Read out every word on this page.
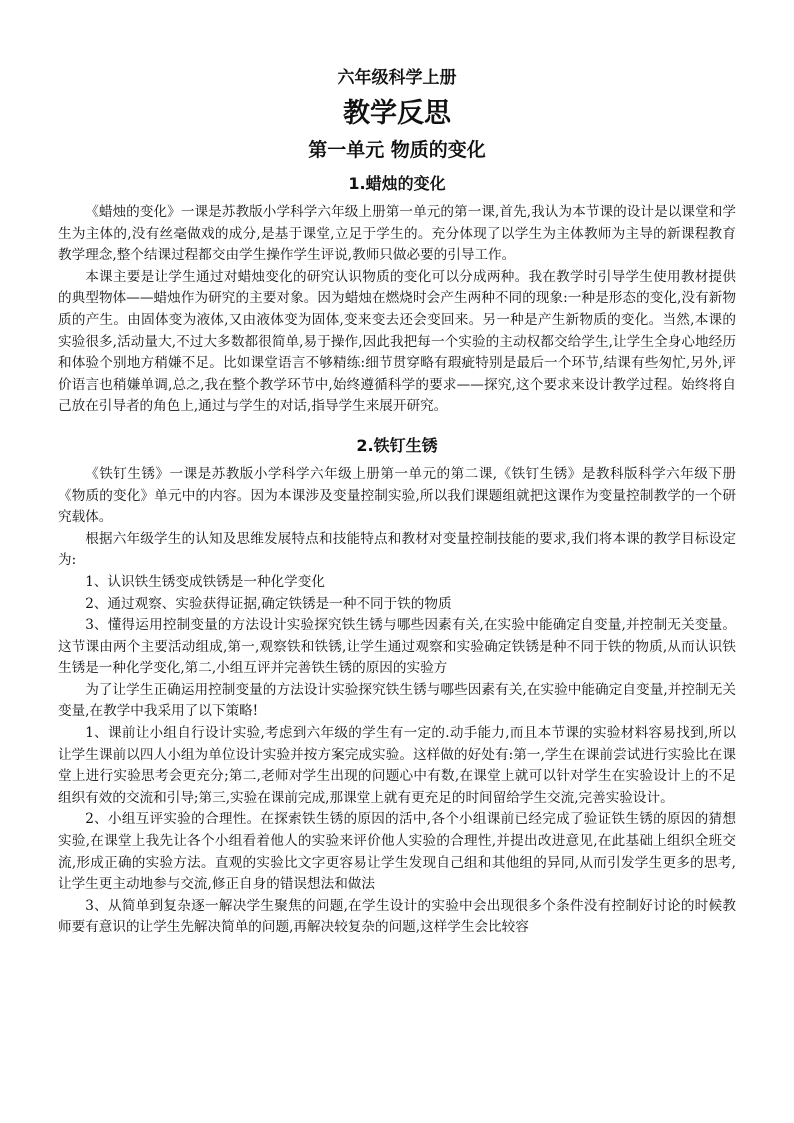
六年级科学上册
教学反思
第一单元 物质的变化
1.蜡烛的变化

《蜡烛的变化》一课是苏教版小学科学六年级上册第一单元的第一课,首先,我认为本节课的设计是以课堂和学生为主体的,没有丝毫做戏的成分,是基于课堂,立足于学生的。充分体现了以学生为主体教师为主导的新课程教育教学理念,整个结课过程都交由学生操作学生评说,教师只做必要的引导工作。

本课主要是让学生通过对蜡烛变化的研究认识物质的变化可以分成两种。我在教学时引导学生使用教材提供的典型物体——蜡烛作为研究的主要对象。因为蜡烛在燃烧时会产生两种不同的现象:一种是形态的变化,没有新物质的产生。由固体变为液体,又由液体变为固体,变来变去还会变回来。另一种是产生新物质的变化。当然,本课的实验很多,活动量大,不过大多数都很简单,易于操作,因此我把每一个实验的主动权都交给学生,让学生全身心地经历和体验个别地方稍嫌不足。比如课堂语言不够精练:细节贯穿略有瑕疵特别是最后一个环节,结课有些匆忙,另外,评价语言也稍嫌单调,总之,我在整个教学环节中,始终遵循科学的要求——探究,这个要求来设计教学过程。始终将自己放在引导者的角色上,通过与学生的对话,指导学生来展开研究。

2.铁钉生锈

《铁钉生锈》一课是苏教版小学科学六年级上册第一单元的第二课,《铁钉生锈》是教科版科学六年级下册《物质的变化》单元中的内容。因为本课涉及变量控制实验,所以我们课题组就把这课作为变量控制教学的一个研究载体。

根据六年级学生的认知及思维发展特点和技能特点和教材对变量控制技能的要求,我们将本课的教学目标设定为:

1、认识铁生锈变成铁锈是一种化学变化

2、通过观察、实验获得证据,确定铁锈是一种不同于铁的物质

3、懂得运用控制变量的方法设计实验探究铁生锈与哪些因素有关,在实验中能确定自变量,并控制无关变量。这节课由两个主要活动组成,第一,观察铁和铁锈,让学生通过观察和实验确定铁锈是种不同于铁的物质,从而认识铁生锈是一种化学变化,第二,小组互评并完善铁生锈的原因的实验方

为了让学生正确运用控制变量的方法设计实验探究铁生锈与哪些因素有关,在实验中能确定自变量,并控制无关变量,在教学中我采用了以下策略!

1、课前让小组自行设计实验,考虑到六年级的学生有一定的.动手能力,而且本节课的实验材料容易找到,所以让学生课前以四人小组为单位设计实验并按方案完成实验。这样做的好处有:第一,学生在课前尝试进行实验比在课堂上进行实验思考会更充分;第二,老师对学生出现的问题心中有数,在课堂上就可以针对学生在实验设计上的不足组织有效的交流和引导;第三,实验在课前完成,那课堂上就有更充足的时间留给学生交流,完善实验设计。

2、小组互评实验的合理性。在探索铁生锈的原因的活中,各个小组课前已经完成了验证铁生锈的原因的猜想实验,在课堂上我先让各个小组看着他人的实验来评价他人实验的合理性,并提出改进意见,在此基础上组织全班交流,形成正确的实验方法。直观的实验比文字更容易让学生发现自己组和其他组的异同,从而引发学生更多的思考,让学生更主动地参与交流,修正自身的错误想法和做法

3、从简单到复杂逐一解决学生聚焦的问题,在学生设计的实验中会出现很多个条件没有控制好讨论的时候教师要有意识的让学生先解决简单的问题,再解决较复杂的问题,这样学生会比较容
